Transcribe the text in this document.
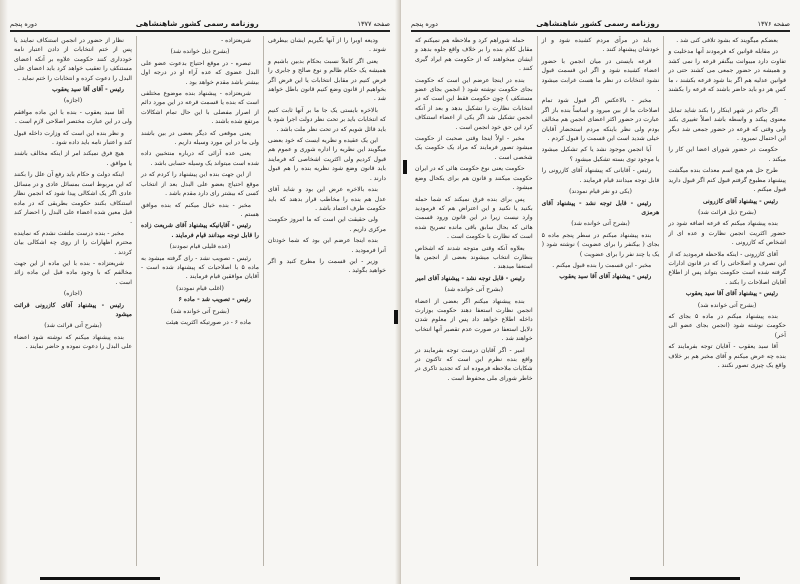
صفحه ۱۳۷۶
روزنامه رسمی کشور شاهنشاهی
دوره پنجم

بعضکم میگویند که بشود تلافی کنی شد .

در مقابله قوانین که فرمودند آنها مدخلیت و تفاوت دارد میبوانت بیگنفر قرعه را نمی کشد و همیشه در حضور جمعی می کشند حتی در قوانین عدلیه هم اگر بنا شود قرعه بکشند ، ما کس هر دو باید حاضر باشند که قرعه را بکشند .

اگر حاکم در شهر اینکار را بکند شاید تمایل معنوی پیکند و واسطه باشد اصلاً تغییری بکند ولی وقتی که قرعه در حضور جمعی شد دیگر این احتمال نمیرود .

حکومت در حضور شورای اعضا این کار را میکند .

طرح حل هم هیچ اسم معدلت بنده میگشت پیشنهاد مطبوع گرفتم قبول کنم اگر قبول دارید قبول میکنم .

رئیس - پیشنهاد آقای کازرونی

(بشرح ذیل قرائت شد)

بنده پیشنهاد میکنم که قرعه اضافه شود در حضور اکثریت انجمن نظارت و عده ای از اشخاص که کازرونی .

آقای کازرونی - اینکه ملاحظه فرمودید که از این تصرف و اصلاحاتی را که در قانون ادارات گرفته شده است حکومت بتواند پس از اطلاع آقایان اصلاحات را بکند .

رئیس - پیشنهاد آقای آقا سید یعقوب

(بشرح آتی خوانده شد)

بنده پیشنهاد میکنم در ماده ۵ بجای که حکومت نوشته شود (انجمن بجای عضو الی آخر)

آقا سید یعقوب - آقایان توجه بفرمایند که بنده چه عرض میکنم و آقای مخبر هم بر خلاف واقع یک چیزی تصور نکنند .

باید در مرآی مردم کشیده شود و از خودشان پیشنهاد کنند .

قرعه بایستی در میان انجمن با حضور اعضاء کشیده شود و اگر این قسمت قبول نشود انتخابات در نظر ما هست غرابت میشود .

مخبر - بالاعکس اگر قبول شود تمام اصلاحات ما از بین میرود و اساساً بنده باز اگر عبارت در حضور اکثر اعضای انجمن هم مخالف بودم ولی نظر باینکه مردم استحضار آقایان خیلی شدید است این قسمت را قبول کردم .

آیا انجمن موجود نشد یا کم تشکیل میشود یا موجود توی بسته تشکیل میشود ؟

رئیس - آقایانی که پیشنهاد آقای کازرونی را قابل توجه میدانند قیام فرمایند .

(یکی دو نفر قیام نمودند)

رئیس - قابل توجه نشد - پیشنهاد آقای هرمزی

(بشرح آتی خوانده شد)

بنده پیشنهاد میکنم در سطر پنجم ماده ۵ بجای ( بیکنفر را برای عضویت ) نوشته شود ( یک یا چند نفر را برای عضویت )

مخبر - این قسمت را بنده قبول میکنم .

رئیس - پیشنهاد آقای آقا سید یعقوب

حمله شوراهم کرد و ملاحظه هم نمیکنم که مقابل کلام بنده را بر خلاف واقع جلوه بدهد و ایشان میخواهند که از حکومت هم ایراد گیری کنند .

بنده در اینجا عرضم این است که حکومت بجای حکومت نوشته شود ( انجمن بجای عضو مستنکف ) چون حکومت فقط این است که در انتخابات نظارت را تشکیل بدهد و بعد از آنکه انجمن تشکیل شد اگر یکی از اعضاء استنکاف کرد این حق خود انجمن است .

مخبر - اولاً اینجا وقتی صحبت از حکومت میشود تصور فرمایند که مراد یک حکومت یک شخصی است .

حکومت یعنی نوع حکومت هائی که در ایران حکومت میکنند و قانون هم برای یکحال وضع میشود .

پس برای بنده فرق نمیکند که شما حمله بکنید یا نکنید و این اعتراض هم که فرمودید وارد نیست زیرا در این قانون ورود قسمت هائی که بحال سابق باقی مانده تصریح شده است که نظارت با حکومت است .

بعلاوه آنکه وقتی متوجه شدند که اشخاص بنظارت انتخاب میشوند بعضی از انجمن ها استعفا میدهند .

رئیس - قابل توجه نشد - پیشنهاد آقای امیر

(بشرح آتی خوانده شد)

بنده پیشنهاد میکنم اگر بعضی از اعضاء انجمن نظارت استعفا دهند حکومت بوزارت داخله اطلاع خواهد داد پس از معلوم شدن دلایل استعفا در صورت عدم تقصیر آنها انتخاب خواهند شد .

امیر - اگر آقایان درست توجه بفرمایند در واقع بنده نظرم این است که تاکنون در شکایات ملاحظه فرموده اند که تجدید تاکری در خاطر شورای ملی محفوظ است .

صفحه ۱۳۷۷
روزنامه رسمی کشور شاهنشاهی
دوره پنجم

ودیعه اوبرا را از آنها بگیریم ایشان بیطرفی شوند .

یعنی اگر کاملاً نسبت بحکام بدبین باشیم و همیشه یک حکام ظالم و نوع صالح و جابری را فرض کنیم در مقابل انتخابات یا این فرض اگر بخواهیم از قانون وضع کنیم قانون باطل خواهد شد .

بالاخره بایستی یک جا ما بر آنها ثابت کنیم که انتخابات باید بر تحت نظر دولت اجرا شود یا باید قائل شویم که در تحت نظر ملت باشد .

این یک عقیده و نظریه ایست که خود بعضی میگویند این نظریه را اداره شوری و عموم هم قبول کردیم ولی اکثریت اشخاصی که فرمایند باید قانون وضع شود نظریه بنده را هم قبول دارند .

بنده بالاخره عرض این بود و شاید آقای عدل هم بنده را مخاطب قرار بدهند که باید حکومت طرف اعتماد باشد .

ولی حقیقت این است که ما امروز حکومت مرکزی داریم .

بنده اینجا عرضم این بود که شما خودتان آنرا فرمودید .

وزیر - این قسمت را مطرح کنید و اگر خواهید بگوئید .

شریعتزاده -

(بشرح ذیل خوانده شد)

تبصره - در موقع احتیاج بدعوت عضو علی البدل عضوی که عده آراء او در درجه اول بیشتر باشد مقدم خواهد بود .

شریعتزاده - پیشنهاد بنده موضوع مختلفی است که بنده یا قسمت قرعه در این مورد دائم از اصرار مفصلی با این حال تمام اشکالات مرتفع شده باشند .

یعنی موقعی که دیگر بعضی در بین باشند ولی ما در این مورد وسیله داریم .

یعنی عده آرائی که درباره منتخبین داده شده است میتواند یک وسیله حسابی باشد .

از این جهت بنده این پیشنهاد را کردم که در موقع احتیاج بعضو علی البدل بعد از انتخاب کسی که بیشتر رای دارد مقدم باشد .

مخبر - بنده خیال میکنم که بنده موافق هستم .

رئیس - آقایانیکه پیشنهاد آقای شریعت زاده را قابل توجه میدانند قیام فرمایند .

(عده قلیلی قیام نمودند)

رئیس - تصویب نشد - رای گرفته میشود به ماده ۵ با اصلاحیات که پیشنهاد شده است - آقایان موافقین قیام فرمایند .

(اغلب قیام نمودند)

رئیس - تصویب شد - ماده ۶

(بشرح آتی خوانده شد)

ماده ۶ - در صورتیکه اکثریت هیئت

نظار از حضور در انجمن استنکاف نمایند یا پس از ختم انتخابات از دادن اعتبار نامه خودداری کنند حکومت علاوه بر آنکه اعضای مستنکف را تعقیب خواهد کرد باید اعضای علی البدل را دعوت کرده و انتخابات را ختم نماید .

رئیس - آقای آقا سید یعقوب

(اجازه)

آقا سید یعقوب - بنده با این ماده موافقم ولی در این عبارت مختصر اصلاحی لازم است .

و نظر بنده این است که وزارت داخله قبول کند و اعتبار نامه باید داده شود .

هیچ فرق نمیکند امر از اینکه مخالف باشند یا موافق .

اینکه دولت و حکام باید رفع آن علل را بکنند که این مربوط است بمسائل عادی و در مسائل عادی اگر یک اشکالی پیدا شود که انجمن نظار استنکاف بکنند حکومت بطریقی که در ماده قبل معین شده اعضاء علی البدل را احضار کند .

مخبر - بنده درست ملتفت نشدم که نماینده محترم اظهارات را از روی چه اشکالی بیان کردند .

شریعتزاده - بنده با این ماده از این جهت مخالفم که با وجود ماده قبل این ماده زائد است .

(اجازه)

رئیس - پیشنهاد آقای کازرونی قرائت میشود

(بشرح آتی قرائت شد)

بنده پیشنهاد میکنم که نوشته شود اعضاء علی البدل را دعوت نموده و حاضر نمایند .
